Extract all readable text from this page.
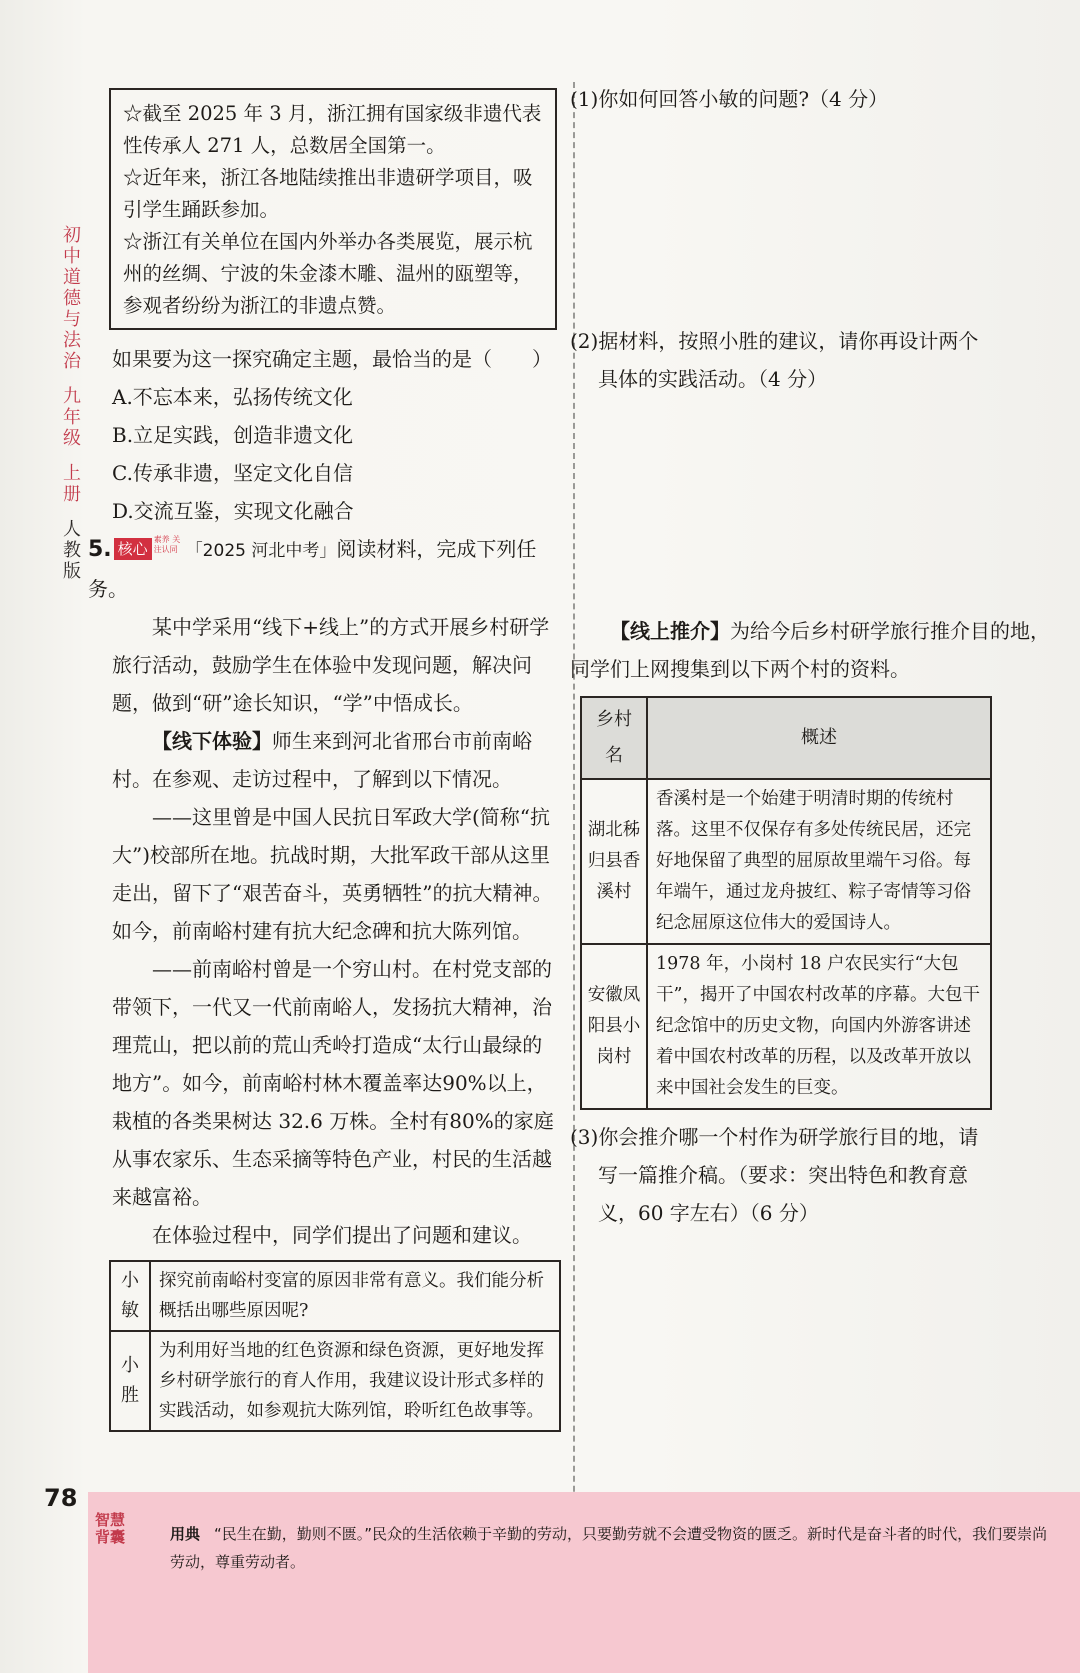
初
中
道
德
与
法
治
九
年
级
上
册
人
教
版

☆截至 2025 年 3 月，浙江拥有国家级非遗代表性传承人 271 人，总数居全国第一。

☆近年来，浙江各地陆续推出非遗研学项目，吸引学生踊跃参加。

☆浙江有关单位在国内外举办各类展览，展示杭州的丝绸、宁波的朱金漆木雕、温州的瓯塑等，参观者纷纷为浙江的非遗点赞。

如果要为这一探究确定主题，最恰当的是（　　）

A.不忘本来，弘扬传统文化

B.立足实践，创造非遗文化

C.传承非遗，坚定文化自信

D.交流互鉴，实现文化融合

5. 核心素养 关注认同 「2025 河北中考」阅读材料，完成下列任务。

某中学采用“线下+线上”的方式开展乡村研学旅行活动，鼓励学生在体验中发现问题，解决问题，做到“研”途长知识，“学”中悟成长。

【线下体验】师生来到河北省邢台市前南峪村。在参观、走访过程中，了解到以下情况。

——这里曾是中国人民抗日军政大学(简称“抗大”)校部所在地。抗战时期，大批军政干部从这里走出，留下了“艰苦奋斗，英勇牺牲”的抗大精神。如今，前南峪村建有抗大纪念碑和抗大陈列馆。

——前南峪村曾是一个穷山村。在村党支部的带领下，一代又一代前南峪人，发扬抗大精神，治理荒山，把以前的荒山秃岭打造成“太行山最绿的地方”。如今，前南峪村林木覆盖率达90%以上，栽植的各类果树达 32.6 万株。全村有80%的家庭从事农家乐、生态采摘等特色产业，村民的生活越来越富裕。

在体验过程中，同学们提出了问题和建议。

小敏	探究前南峪村变富的原因非常有意义。我们能分析概括出哪些原因呢?
小胜	为利用好当地的红色资源和绿色资源，更好地发挥乡村研学旅行的育人作用，我建议设计形式多样的实践活动，如参观抗大陈列馆，聆听红色故事等。

(1)你如何回答小敏的问题?（4 分）

(2)据材料，按照小胜的建议，请你再设计两个

具体的实践活动。（4 分）

【线上推介】为给今后乡村研学旅行推介目的地，同学们上网搜集到以下两个村的资料。

乡村名	概述
湖北秭归县香溪村	香溪村是一个始建于明清时期的传统村落。这里不仅保存有多处传统民居，还完好地保留了典型的屈原故里端午习俗。每年端午，通过龙舟披红、粽子寄情等习俗纪念屈原这位伟大的爱国诗人。
安徽凤阳县小岗村	1978 年，小岗村 18 户农民实行“大包干”，揭开了中国农村改革的序幕。大包干纪念馆中的历史文物，向国内外游客讲述着中国农村改革的历程，以及改革开放以来中国社会发生的巨变。

(3)你会推介哪一个村作为研学旅行目的地，请

写一篇推介稿。（要求：突出特色和教育意

义，60 字左右）（6 分）

78
智慧背囊	用典 “民生在勤，勤则不匮。”民众的生活依赖于辛勤的劳动，只要勤劳就不会遭受物资的匮乏。新时代是奋斗者的时代，我们要崇尚劳动，尊重劳动者。
